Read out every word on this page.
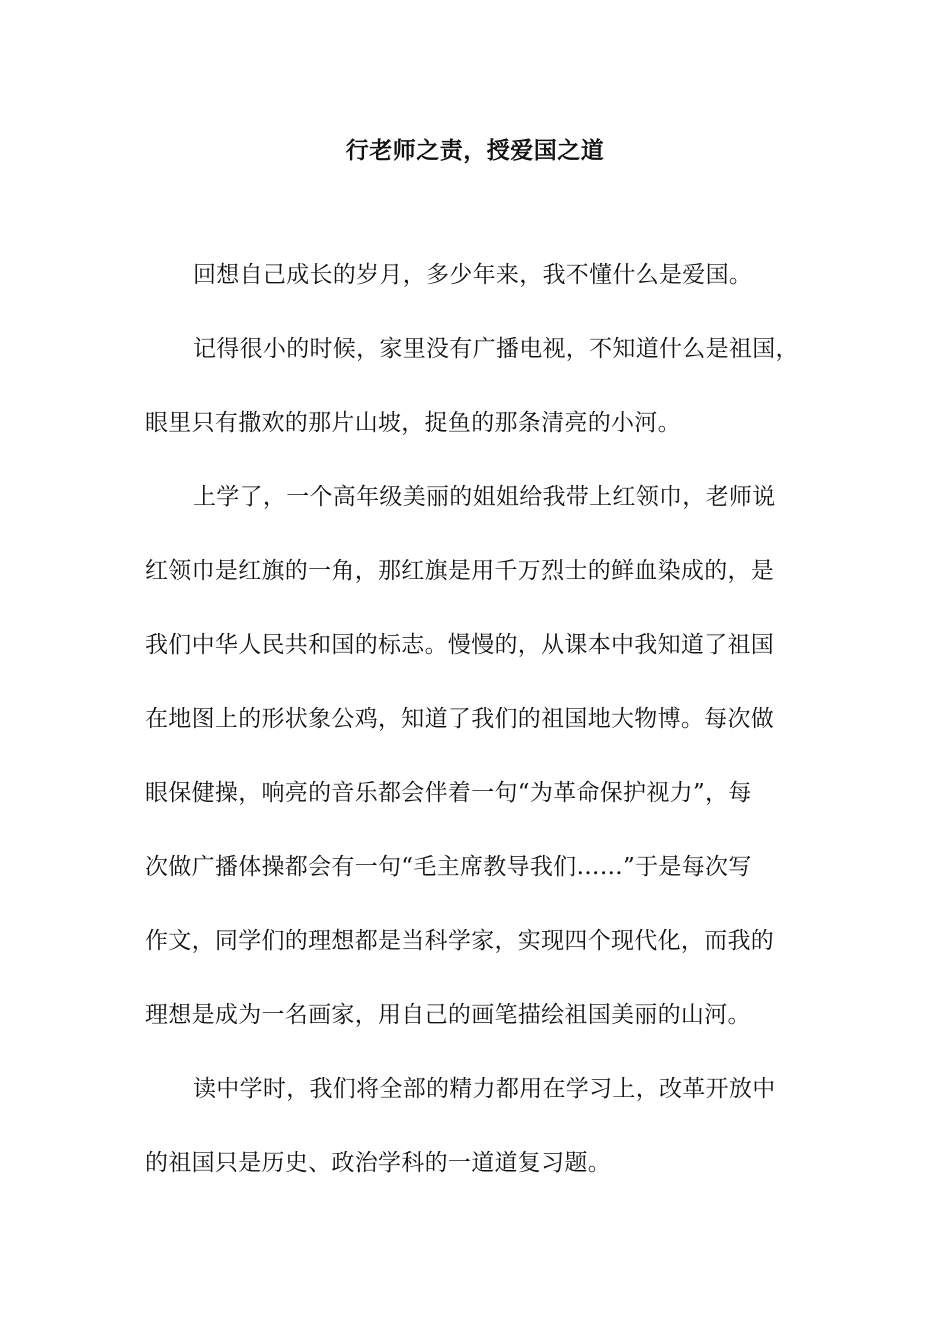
行老师之责，授爱国之道
回想自己成长的岁月，多少年来，我不懂什么是爱国。
记得很小的时候，家里没有广播电视，不知道什么是祖国，
眼里只有撒欢的那片山坡，捉鱼的那条清亮的小河。
上学了，一个高年级美丽的姐姐给我带上红领巾，老师说
红领巾是红旗的一角，那红旗是用千万烈士的鲜血染成的，是
我们中华人民共和国的标志。慢慢的，从课本中我知道了祖国
在地图上的形状象公鸡，知道了我们的祖国地大物博。每次做
眼保健操，响亮的音乐都会伴着一句“为革命保护视力”，每
次做广播体操都会有一句“毛主席教导我们……”于是每次写
作文，同学们的理想都是当科学家，实现四个现代化，而我的
理想是成为一名画家，用自己的画笔描绘祖国美丽的山河。
读中学时，我们将全部的精力都用在学习上，改革开放中
的祖国只是历史、政治学科的一道道复习题。
